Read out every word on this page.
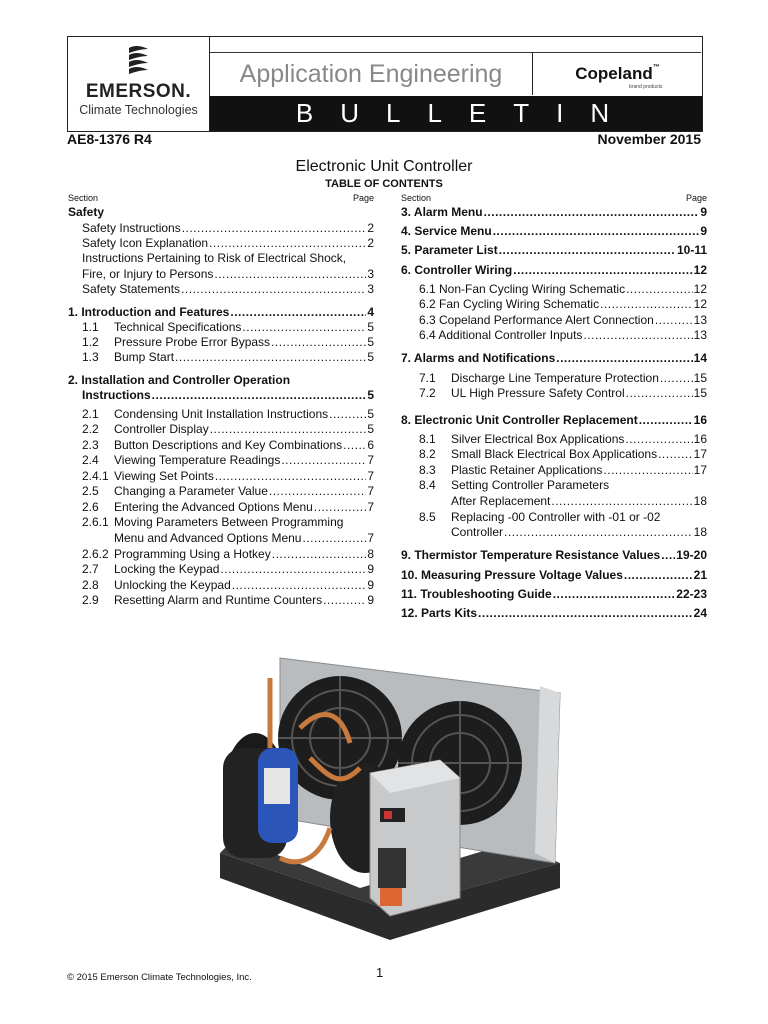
EMERSON.
Climate Technologies
Application Engineering	Copeland™
brand products
BULLETIN
AE8-1376 R4	November 2015
Electronic Unit Controller
TABLE OF CONTENTS
Section	Page
Safety
Safety Instructions .....	2
Safety Icon Explanation .....	2
Instructions Pertaining to Risk of Electrical Shock,
Fire, or Injury to Persons .....	3
Safety Statements .....	3
1. Introduction and Features .....	4
1.1 Technical Specifications .....	5
1.2 Pressure Probe Error Bypass .....	5
1.3 Bump Start .....	5
2. Installation and Controller Operation
Instructions .....	5
2.1 Condensing Unit Installation Instructions .....	5
2.2 Controller Display .....	5
2.3 Button Descriptions and Key Combinations ..... 6
2.4 Viewing Temperature Readings .....	7
2.4.1 Viewing Set Points .....	7
2.5 Changing a Parameter Value .....	7
2.6 Entering the Advanced Options Menu .....	7
2.6.1 Moving Parameters Between Programming
Menu and Advanced Options Menu .....	7
2.6.2 Programming Using a Hotkey .....	8
2.7 Locking the Keypad .....	9
2.8 Unlocking the Keypad .....	9
2.9 Resetting Alarm and Runtime Counters .....	9
Section	Page
3. Alarm Menu .....	9
4. Service Menu .....	9
5. Parameter List .....	10-11
6. Controller Wiring .....	12
6.1 Non-Fan Cycling Wiring Schematic .....	12
6.2 Fan Cycling Wiring Schematic .....	12
6.3 Copeland Performance Alert Connection .....	13
6.4 Additional Controller Inputs .....	13
7. Alarms and Notifications .....	14
7.1 Discharge Line Temperature Protection .....	15
7.2 UL High Pressure Safety Control .....	15
8. Electronic Unit Controller Replacement .....	16
8.1 Silver Electrical Box Applications .....	16
8.2 Small Black Electrical Box Applications .....	17
8.3 Plastic Retainer Applications .....	17
8.4 Setting Controller Parameters
After Replacement .....	18
8.5 Replacing -00 Controller with -01 or -02
Controller .....	18
9. Thermistor Temperature Resistance Values ..... 19-20
10. Measuring Pressure Voltage Values .....	21
11. Troubleshooting Guide .....	22-23
12. Parts Kits .....	24
© 2015 Emerson Climate Technologies, Inc.	1
